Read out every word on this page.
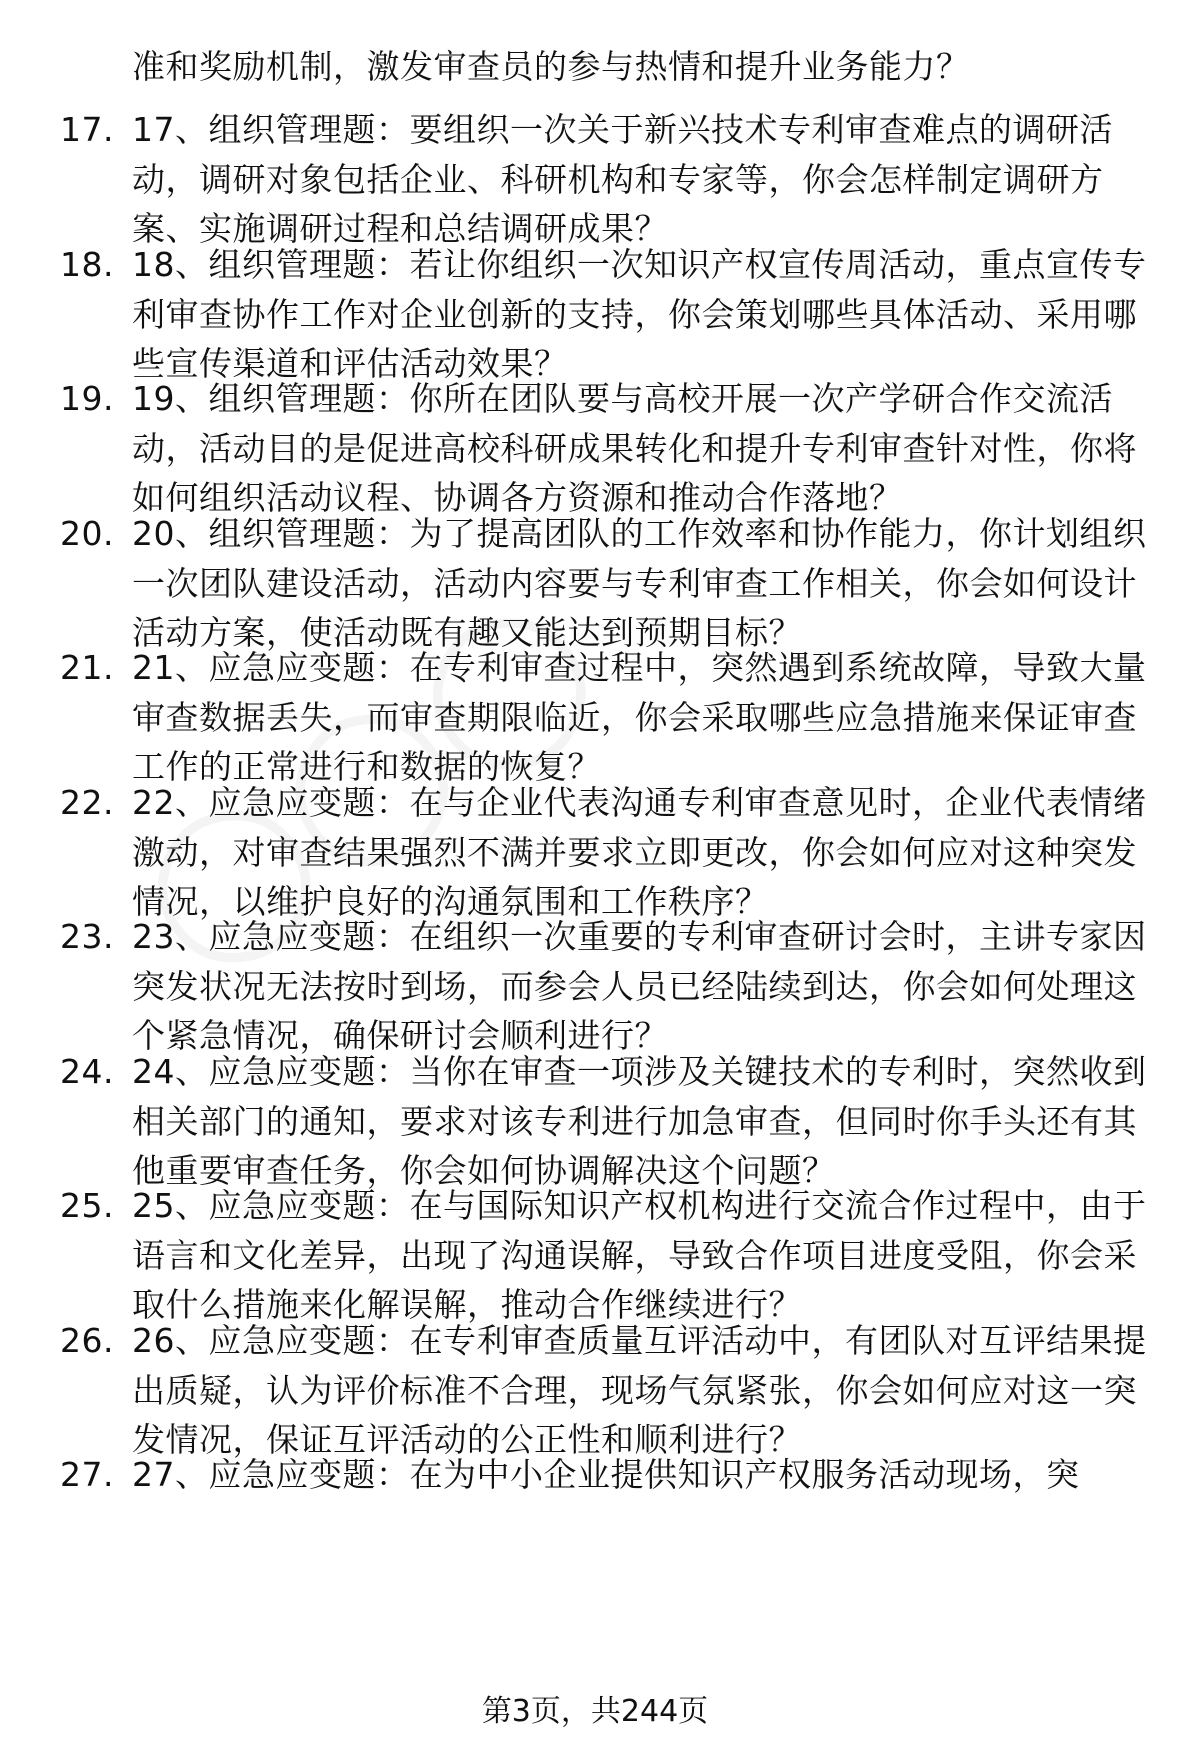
准和奖励机制，激发审查员的参与热情和提升业务能力？
17. 17、组织管理题：要组织一次关于新兴技术专利审查难点的调研活动，调研对象包括企业、科研机构和专家等，你会怎样制定调研方案、实施调研过程和总结调研成果？
18. 18、组织管理题：若让你组织一次知识产权宣传周活动，重点宣传专利审查协作工作对企业创新的支持，你会策划哪些具体活动、采用哪些宣传渠道和评估活动效果？
19. 19、组织管理题：你所在团队要与高校开展一次产学研合作交流活动，活动目的是促进高校科研成果转化和提升专利审查针对性，你将如何组织活动议程、协调各方资源和推动合作落地？
20. 20、组织管理题：为了提高团队的工作效率和协作能力，你计划组织一次团队建设活动，活动内容要与专利审查工作相关，你会如何设计活动方案，使活动既有趣又能达到预期目标？
21. 21、应急应变题：在专利审查过程中，突然遇到系统故障，导致大量审查数据丢失，而审查期限临近，你会采取哪些应急措施来保证审查工作的正常进行和数据的恢复？
22. 22、应急应变题：在与企业代表沟通专利审查意见时，企业代表情绪激动，对审查结果强烈不满并要求立即更改，你会如何应对这种突发情况，以维护良好的沟通氛围和工作秩序？
23. 23、应急应变题：在组织一次重要的专利审查研讨会时，主讲专家因突发状况无法按时到场，而参会人员已经陆续到达，你会如何处理这个紧急情况，确保研讨会顺利进行？
24. 24、应急应变题：当你在审查一项涉及关键技术的专利时，突然收到相关部门的通知，要求对该专利进行加急审查，但同时你手头还有其他重要审查任务，你会如何协调解决这个问题？
25. 25、应急应变题：在与国际知识产权机构进行交流合作过程中，由于语言和文化差异，出现了沟通误解，导致合作项目进度受阻，你会采取什么措施来化解误解，推动合作继续进行？
26. 26、应急应变题：在专利审查质量互评活动中，有团队对互评结果提出质疑，认为评价标准不合理，现场气氛紧张，你会如何应对这一突发情况，保证互评活动的公正性和顺利进行？
27. 27、应急应变题：在为中小企业提供知识产权服务活动现场，突
第3页，共244页
